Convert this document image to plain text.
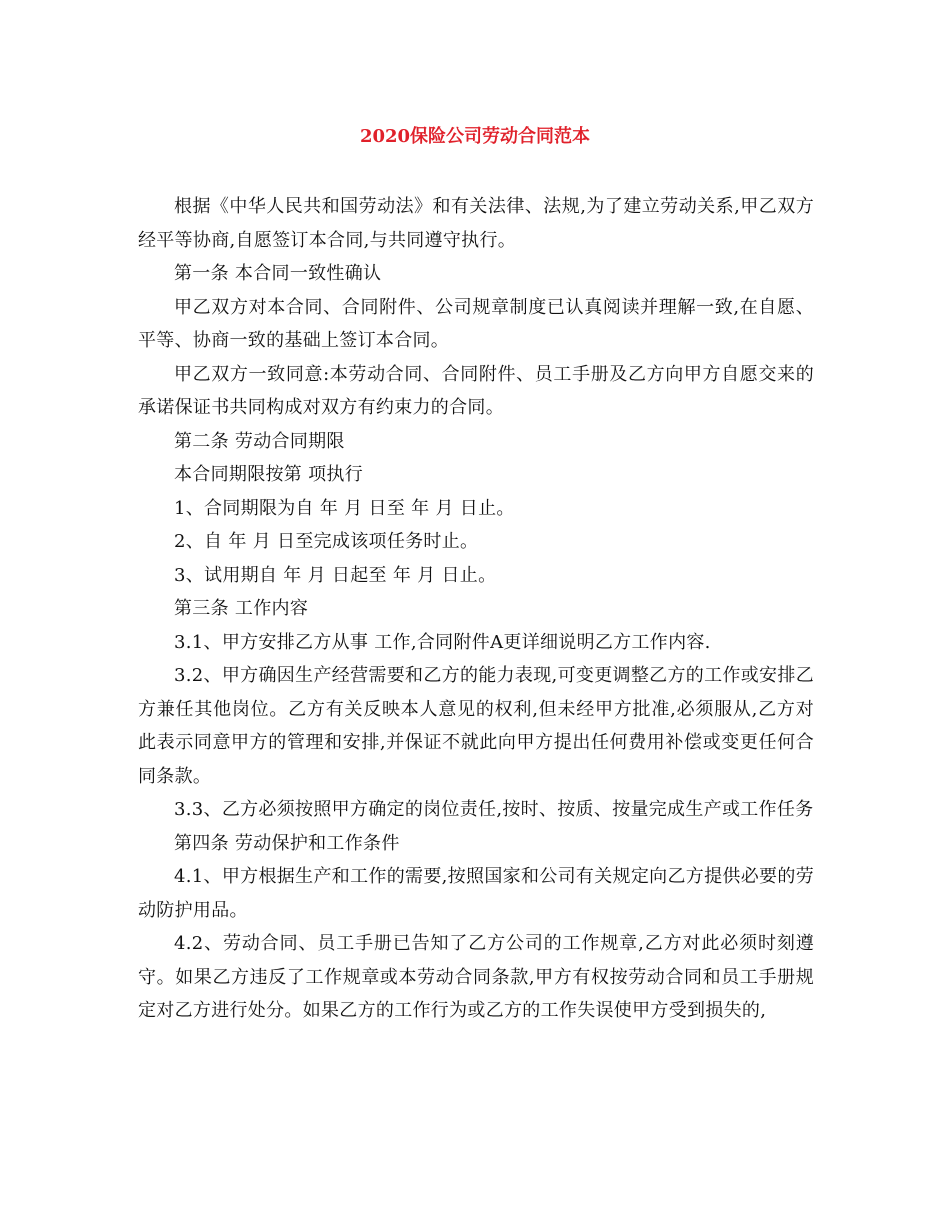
2020保险公司劳动合同范本

根据《中华人民共和国劳动法》和有关法律、法规,为了建立劳动关系,甲乙双方经平等协商,自愿签订本合同,与共同遵守执行。

第一条 本合同一致性确认

甲乙双方对本合同、合同附件、公司规章制度已认真阅读并理解一致,在自愿、平等、协商一致的基础上签订本合同。

甲乙双方一致同意:本劳动合同、合同附件、员工手册及乙方向甲方自愿交来的承诺保证书共同构成对双方有约束力的合同。

第二条 劳动合同期限

本合同期限按第 项执行

1、合同期限为自 年 月 日至 年 月 日止。

2、自 年 月 日至完成该项任务时止。

3、试用期自 年 月 日起至 年 月 日止。

第三条 工作内容

3.1、甲方安排乙方从事 工作,合同附件A更详细说明乙方工作内容.

3.2、甲方确因生产经营需要和乙方的能力表现,可变更调整乙方的工作或安排乙方兼任其他岗位。乙方有关反映本人意见的权利,但未经甲方批准,必须服从,乙方对此表示同意甲方的管理和安排,并保证不就此向甲方提出任何费用补偿或变更任何合同条款。

3.3、乙方必须按照甲方确定的岗位责任,按时、按质、按量完成生产或工作任务

第四条 劳动保护和工作条件

4.1、甲方根据生产和工作的需要,按照国家和公司有关规定向乙方提供必要的劳动防护用品。

4.2、劳动合同、员工手册已告知了乙方公司的工作规章,乙方对此必须时刻遵守。如果乙方违反了工作规章或本劳动合同条款,甲方有权按劳动合同和员工手册规定对乙方进行处分。如果乙方的工作行为或乙方的工作失误使甲方受到损失的,
